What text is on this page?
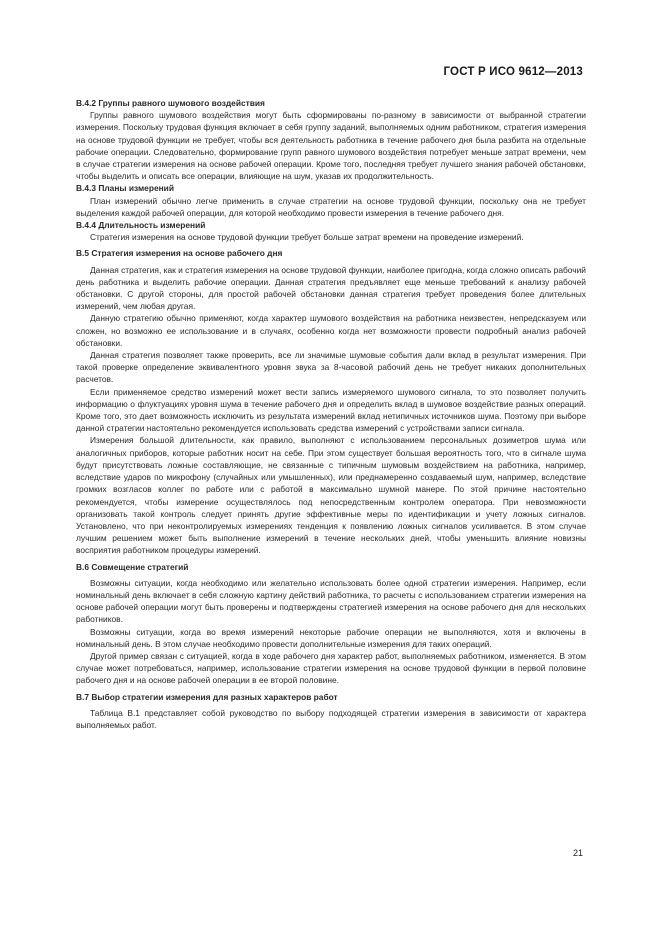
ГОСТ Р ИСО 9612—2013
В.4.2 Группы равного шумового воздействия
Группы равного шумового воздействия могут быть сформированы по-разному в зависимости от выбранной стратегии измерения. Поскольку трудовая функция включает в себя группу заданий, выполняемых одним работником, стратегия измерения на основе трудовой функции не требует, чтобы вся деятельность работника в течение рабочего дня была разбита на отдельные рабочие операции. Следовательно, формирование групп равного шумового воздействия потребует меньше затрат времени, чем в случае стратегии измерения на основе рабочей операции. Кроме того, последняя требует лучшего знания рабочей обстановки, чтобы выделить и описать все операции, влияющие на шум, указав их продолжительность.
В.4.3 Планы измерений
План измерений обычно легче применить в случае стратегии на основе трудовой функции, поскольку она не требует выделения каждой рабочей операции, для которой необходимо провести измерения в течение рабочего дня.
В.4.4 Длительность измерений
Стратегия измерения на основе трудовой функции требует больше затрат времени на проведение измерений.
В.5 Стратегия измерения на основе рабочего дня
Данная стратегия, как и стратегия измерения на основе трудовой функции, наиболее пригодна, когда сложно описать рабочий день работника и выделить рабочие операции. Данная стратегия предъявляет еще меньше требований к анализу рабочей обстановки. С другой стороны, для простой рабочей обстановки данная стратегия требует проведения более длительных измерений, чем любая другая.
Данную стратегию обычно применяют, когда характер шумового воздействия на работника неизвестен, непредсказуем или сложен, но возможно ее использование и в случаях, особенно когда нет возможности провести подробный анализ рабочей обстановки.
Данная стратегия позволяет также проверить, все ли значимые шумовые события дали вклад в результат измерения. При такой проверке определение эквивалентного уровня звука за 8-часовой рабочий день не требует никаких дополнительных расчетов.
Если применяемое средство измерений может вести запись измеряемого шумового сигнала, то это позволяет получить информацию о флуктуациях уровня шума в течение рабочего дня и определить вклад в шумовое воздействие разных операций. Кроме того, это дает возможность исключить из результата измерений вклад нетипичных источников шума. Поэтому при выборе данной стратегии настоятельно рекомендуется использовать средства измерений с устройствами записи сигнала.
Измерения большой длительности, как правило, выполняют с использованием персональных дозиметров шума или аналогичных приборов, которые работник носит на себе. При этом существует большая вероятность того, что в сигнале шума будут присутствовать ложные составляющие, не связанные с типичным шумовым воздействием на работника, например, вследствие ударов по микрофону (случайных или умышленных), или преднамеренно создаваемый шум, например, вследствие громких возгласов коллег по работе или с работой в максимально шумной манере. По этой причине настоятельно рекомендуется, чтобы измерение осуществлялось под непосредственным контролем оператора. При невозможности организовать такой контроль следует принять другие эффективные меры по идентификации и учету ложных сигналов. Установлено, что при неконтролируемых измерениях тенденция к появлению ложных сигналов усиливается. В этом случае лучшим решением может быть выполнение измерений в течение нескольких дней, чтобы уменьшить влияние новизны восприятия работником процедуры измерений.
В.6 Совмещение стратегий
Возможны ситуации, когда необходимо или желательно использовать более одной стратегии измерения. Например, если номинальный день включает в себя сложную картину действий работника, то расчеты с использованием стратегии измерения на основе рабочей операции могут быть проверены и подтверждены стратегией измерения на основе рабочего дня для нескольких работников.
Возможны ситуации, когда во время измерений некоторые рабочие операции не выполняются, хотя и включены в номинальный день. В этом случае необходимо провести дополнительные измерения для таких операций.
Другой пример связан с ситуацией, когда в ходе рабочего дня характер работ, выполняемых работником, изменяется. В этом случае может потребоваться, например, использование стратегии измерения на основе трудовой функции в первой половине рабочего дня и на основе рабочей операции в ее второй половине.
В.7 Выбор стратегии измерения для разных характеров работ
Таблица В.1 представляет собой руководство по выбору подходящей стратегии измерения в зависимости от характера выполняемых работ.
21
